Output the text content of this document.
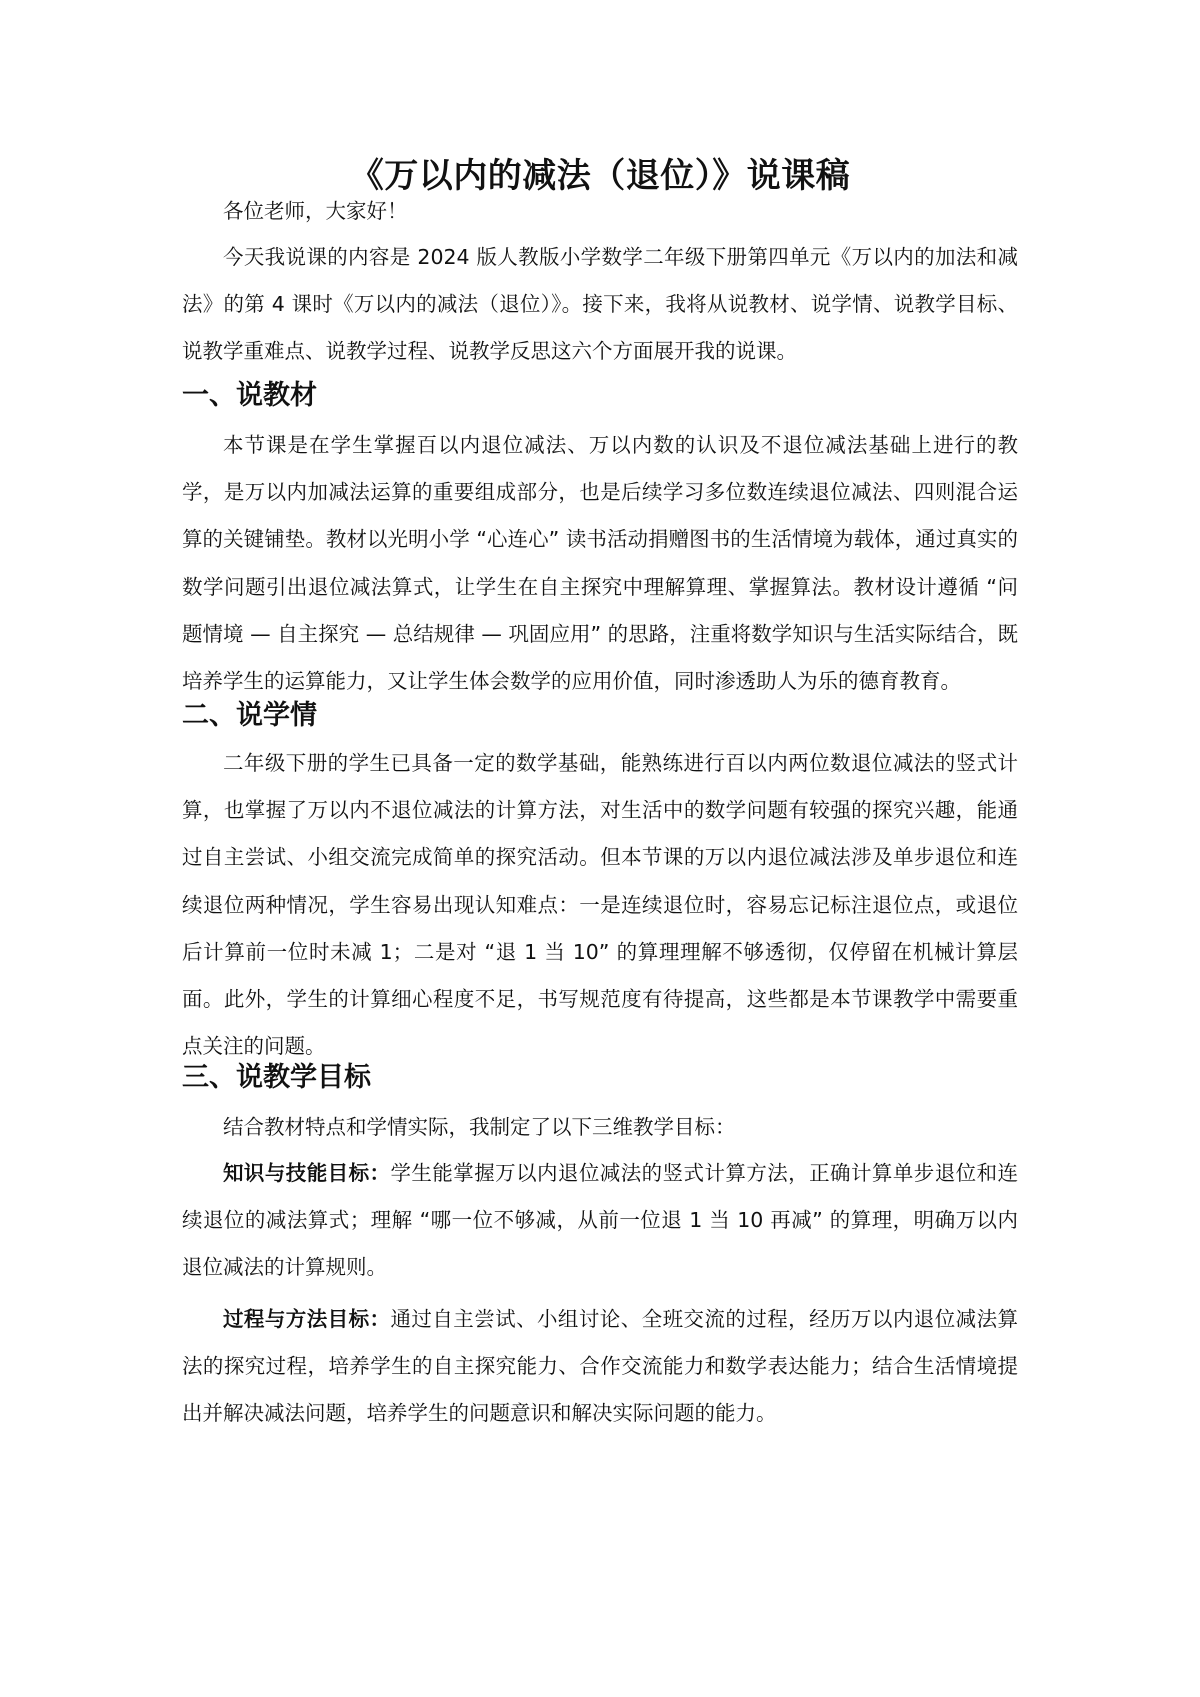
《万以内的减法（退位）》说课稿

各位老师，大家好！

今天我说课的内容是 2024 版人教版小学数学二年级下册第四单元《万以内的加法和减法》的第 4 课时《万以内的减法（退位）》。接下来，我将从说教材、说学情、说教学目标、说教学重难点、说教学过程、说教学反思这六个方面展开我的说课。

一、说教材

本节课是在学生掌握百以内退位减法、万以内数的认识及不退位减法基础上进行的教学，是万以内加减法运算的重要组成部分，也是后续学习多位数连续退位减法、四则混合运算的关键铺垫。教材以光明小学 “心连心” 读书活动捐赠图书的生活情境为载体，通过真实的数学问题引出退位减法算式，让学生在自主探究中理解算理、掌握算法。教材设计遵循 “问题情境 — 自主探究 — 总结规律 — 巩固应用” 的思路，注重将数学知识与生活实际结合，既培养学生的运算能力，又让学生体会数学的应用价值，同时渗透助人为乐的德育教育。

二、说学情

二年级下册的学生已具备一定的数学基础，能熟练进行百以内两位数退位减法的竖式计算，也掌握了万以内不退位减法的计算方法，对生活中的数学问题有较强的探究兴趣，能通过自主尝试、小组交流完成简单的探究活动。但本节课的万以内退位减法涉及单步退位和连续退位两种情况，学生容易出现认知难点：一是连续退位时，容易忘记标注退位点，或退位后计算前一位时未减 1；二是对 “退 1 当 10” 的算理理解不够透彻，仅停留在机械计算层面。此外，学生的计算细心程度不足，书写规范度有待提高，这些都是本节课教学中需要重点关注的问题。

三、说教学目标

结合教材特点和学情实际，我制定了以下三维教学目标：

知识与技能目标：学生能掌握万以内退位减法的竖式计算方法，正确计算单步退位和连续退位的减法算式；理解 “哪一位不够减，从前一位退 1 当 10 再减” 的算理，明确万以内退位减法的计算规则。

过程与方法目标：通过自主尝试、小组讨论、全班交流的过程，经历万以内退位减法算法的探究过程，培养学生的自主探究能力、合作交流能力和数学表达能力；结合生活情境提出并解决减法问题，培养学生的问题意识和解决实际问题的能力。
